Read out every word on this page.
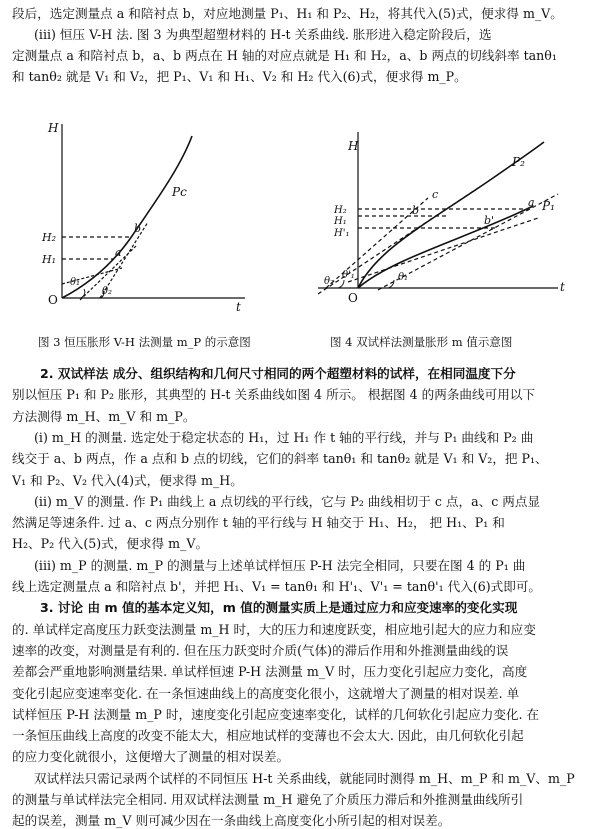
段后，选定测量点 a 和陪衬点 b，对应地测量 P₁、H₁ 和 P₂、H₂，将其代入(5)式，便求得 m_V。
(iii) 恒压 V-H 法. 图 3 为典型超塑材料的 H-t 关系曲线. 胀形进入稳定阶段后，选
定测量点 a 和陪衬点 b，a、b 两点在 H 轴的对应点就是 H₁ 和 H₂，a、b 两点的切线斜率 tanθ₁
和 tanθ₂ 就是 V₁ 和 V₂，把 P₁、V₁ 和 H₁、V₂ 和 H₂ 代入(6)式，便求得 m_P。
H
t
O
Pc
H₂
H₁
b
a
θ₁
θ₂
H
t
O
P₂
P₁
H₂
H₁
H'₁
c
b
a
b'
θ₂
θ'₁	θ₁
图 3 恒压胀形 V-H 法测量 m_P 的示意图	图 4 双试样法测量胀形 m 值示意图
2. 双试样法 成分、组织结构和几何尺寸相同的两个超塑材料的试样，在相同温度下分
别以恒压 P₁ 和 P₂ 胀形，其典型的 H-t 关系曲线如图 4 所示。 根据图 4 的两条曲线可用以下
方法测得 m_H、m_V 和 m_P。
(i) m_H 的测量. 选定处于稳定状态的 H₁，过 H₁ 作 t 轴的平行线，并与 P₁ 曲线和 P₂ 曲
线交于 a、b 两点，作 a 点和 b 点的切线，它们的斜率 tanθ₁ 和 tanθ₂ 就是 V₁ 和 V₂，把 P₁、
V₁ 和 P₂、V₂ 代入(4)式，便求得 m_H。
(ii) m_V 的测量. 作 P₁ 曲线上 a 点切线的平行线，它与 P₂ 曲线相切于 c 点，a、c 两点显
然满足等速条件. 过 a、c 两点分别作 t 轴的平行线与 H 轴交于 H₁、H₂， 把 H₁、P₁ 和
H₂、P₂ 代入(5)式，便求得 m_V。
(iii) m_P 的测量. m_P 的测量与上述单试样恒压 P-H 法完全相同，只要在图 4 的 P₁ 曲
线上选定测量点 a 和陪衬点 b'，并把 H₁、V₁ = tanθ₁ 和 H'₁、V'₁ = tanθ'₁ 代入(6)式即可。
3. 讨论 由 m 值的基本定义知，m 值的测量实质上是通过应力和应变速率的变化实现
的. 单试样定高度压力跃变法测量 m_H 时，大的压力和速度跃变，相应地引起大的应力和应变
速率的改变，对测量是有利的. 但在压力跃变时介质(气体)的滞后作用和外推测量曲线的误
差都会严重地影响测量结果. 单试样恒速 P-H 法测量 m_V 时，压力变化引起应力变化，高度
变化引起应变速率变化. 在一条恒速曲线上的高度变化很小，这就增大了测量的相对误差. 单
试样恒压 P-H 法测量 m_P 时，速度变化引起应变速率变化，试样的几何软化引起应力变化. 在
一条恒压曲线上高度的改变不能太大，相应地试样的变薄也不会太大. 因此，由几何软化引起
的应力变化就很小，这便增大了测量的相对误差。
双试样法只需记录两个试样的不同恒压 H-t 关系曲线，就能同时测得 m_H、m_P 和 m_V、m_P
的测量与单试样法完全相同. 用双试样法测量 m_H 避免了介质压力滞后和外推测量曲线所引
起的误差，测量 m_V 则可减少因在一条曲线上高度变化小所引起的相对误差。
